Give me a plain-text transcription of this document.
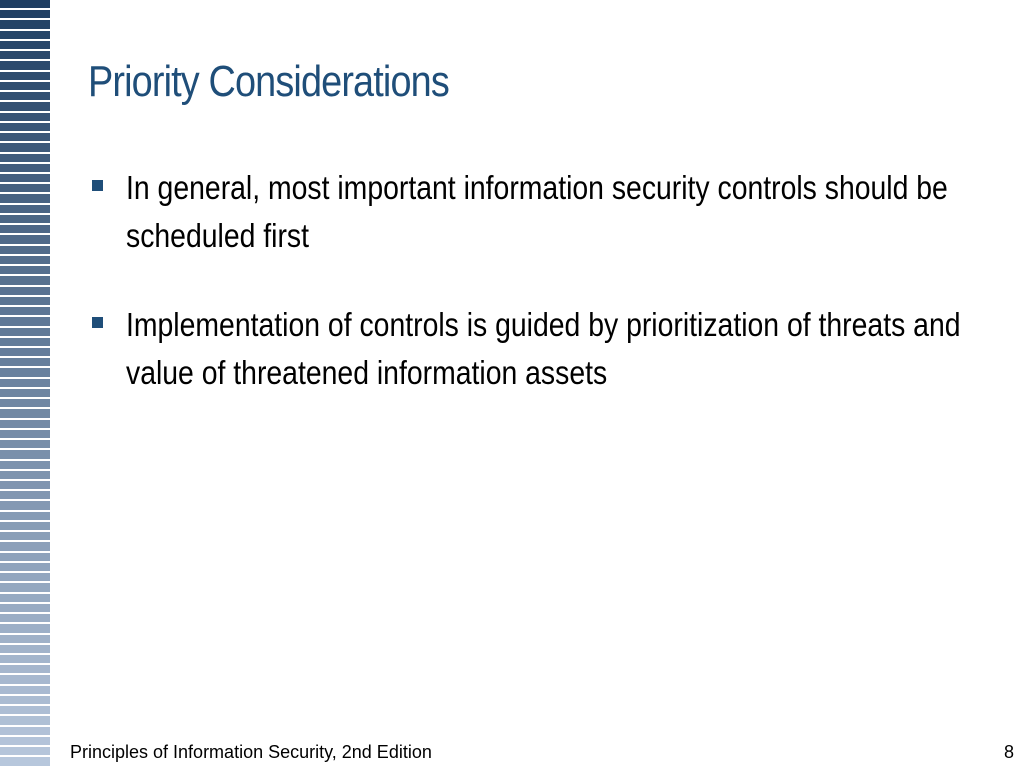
Priority Considerations
In general, most important information security controls should be scheduled first
Implementation of controls is guided by prioritization of threats and value of threatened information assets
Principles of Information Security, 2nd Edition	8
